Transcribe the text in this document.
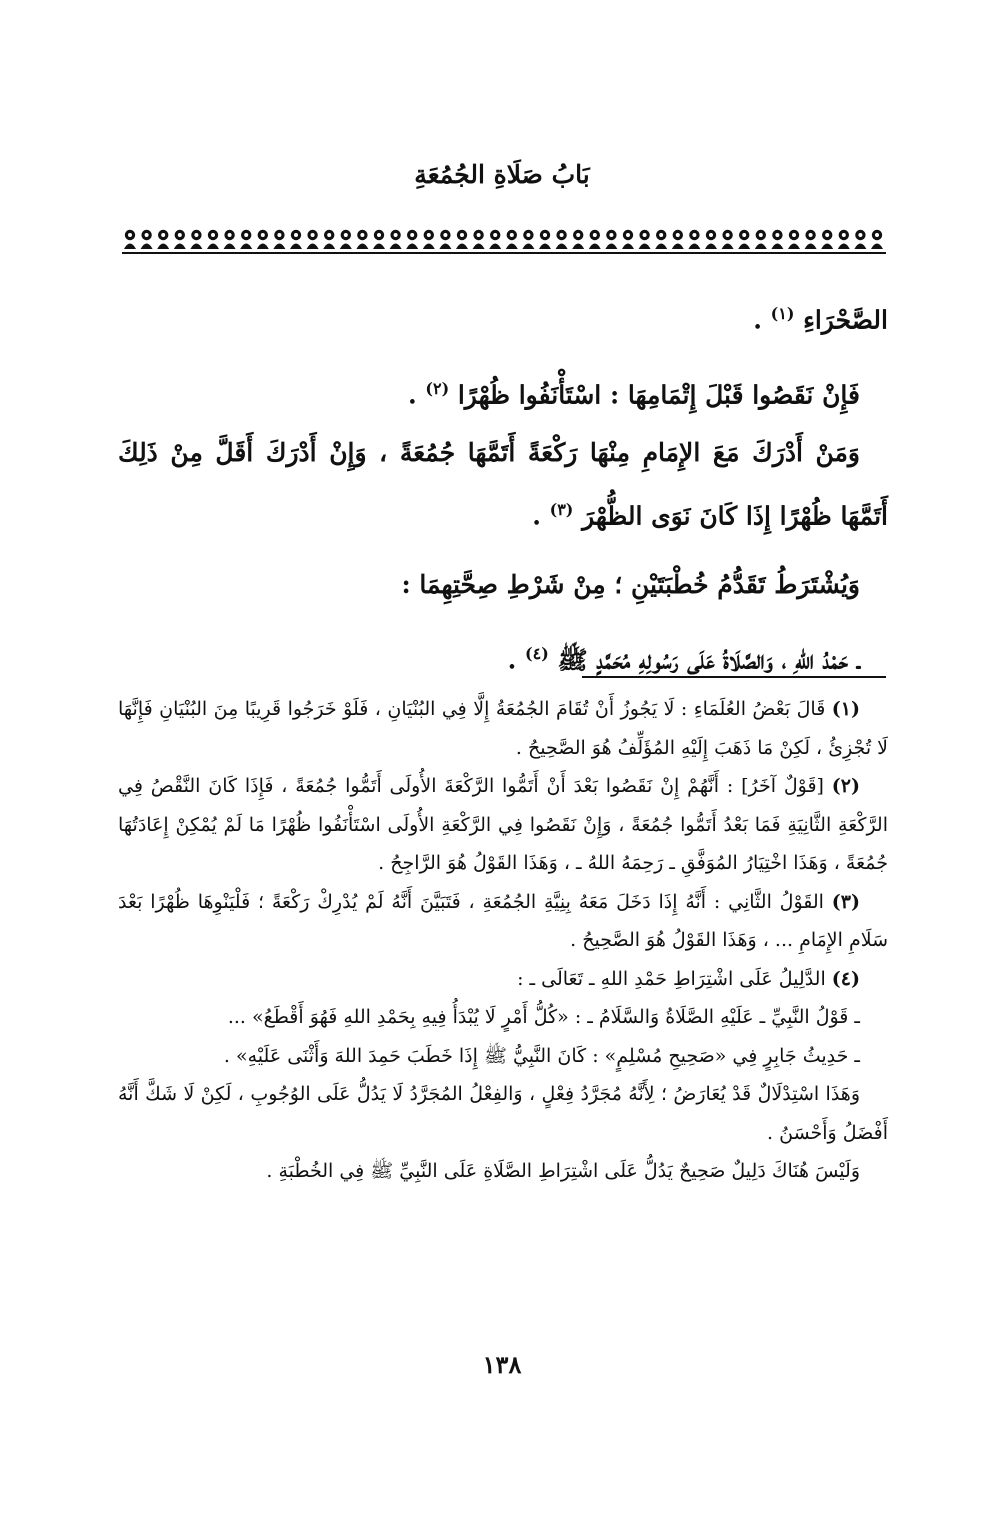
بَابُ صَلَاةِ الجُمُعَةِ

الصَّحْرَاءِ $^{(١)}$ .

فَإِنْ نَقَصُوا قَبْلَ إِتْمَامِهَا : اسْتَأْنَفُوا ظُهْرًا $^{(٢)}$ .

وَمَنْ أَدْرَكَ مَعَ الإِمَامِ مِنْهَا رَكْعَةً أَتَمَّهَا جُمُعَةً ، وَإِنْ أَدْرَكَ أَقَلَّ مِنْ ذَلِكَ أَتَمَّهَا ظُهْرًا إِذَا كَانَ نَوَى الظُّهْرَ $^{(٣)}$ .

وَيُشْتَرَطُ تَقَدُّمُ خُطْبَتَيْنِ ؛ مِنْ شَرْطِ صِحَّتِهِمَا :

ـ حَمْدُ اللهِ ، وَالصَّلَاةُ عَلَى رَسُولِهِ مُحَمَّدٍ ﷺ $^{(٤)}$ .

(١) قَالَ بَعْضُ العُلَمَاءِ : لَا يَجُوزُ أَنْ تُقَامَ الجُمُعَةُ إِلَّا فِي البُنْيَانِ ، فَلَوْ خَرَجُوا قَرِيبًا مِنَ البُنْيَانِ فَإِنَّهَا لَا تُجْزِئُ ، لَكِنْ مَا ذَهَبَ إِلَيْهِ المُؤَلِّفُ هُوَ الصَّحِيحُ .

(٢) [قَوْلٌ آخَرُ] : أَنَّهُمْ إِنْ نَقَصُوا بَعْدَ أَنْ أَتَمُّوا الرَّكْعَةَ الأُولَى أَتَمُّوا جُمُعَةً ، فَإِذَا كَانَ النَّقْصُ فِي الرَّكْعَةِ الثَّانِيَةِ فَمَا بَعْدُ أَتَمُّوا جُمُعَةً ، وَإِنْ نَقَصُوا فِي الرَّكْعَةِ الأُولَى اسْتَأْنَفُوا ظُهْرًا مَا لَمْ يُمْكِنْ إِعَادَتُهَا جُمُعَةً ، وَهَذَا اخْتِيَارُ المُوَفَّقِ ـ رَحِمَهُ اللهُ ـ ، وَهَذَا القَوْلُ هُوَ الرَّاجِحُ .

(٣) القَوْلُ الثَّانِي : أَنَّهُ إِذَا دَخَلَ مَعَهُ بِنِيَّةِ الجُمُعَةِ ، فَتَبَيَّنَ أَنَّهُ لَمْ يُدْرِكْ رَكْعَةً ؛ فَلْيَنْوِهَا ظُهْرًا بَعْدَ سَلَامِ الإِمَامِ ... ، وَهَذَا القَوْلُ هُوَ الصَّحِيحُ .

(٤) الدَّلِيلُ عَلَى اشْتِرَاطِ حَمْدِ اللهِ ـ تَعَالَى ـ :

ـ قَوْلُ النَّبِيِّ ـ عَلَيْهِ الصَّلَاةُ وَالسَّلَامُ ـ : «كُلُّ أَمْرٍ لَا يُبْدَأُ فِيهِ بِحَمْدِ اللهِ فَهُوَ أَقْطَعُ» ...

ـ حَدِيثُ جَابِرٍ فِي «صَحِيحِ مُسْلِمٍ» : كَانَ النَّبِيُّ ﷺ إِذَا خَطَبَ حَمِدَ اللهَ وَأَثْنَى عَلَيْهِ» .

وَهَذَا اسْتِدْلَالٌ قَدْ يُعَارَضُ ؛ لِأَنَّهُ مُجَرَّدُ فِعْلٍ ، وَالفِعْلُ المُجَرَّدُ لَا يَدُلُّ عَلَى الوُجُوبِ ، لَكِنْ لَا شَكَّ أَنَّهُ أَفْضَلُ وَأَحْسَنُ .

وَلَيْسَ هُنَاكَ دَلِيلٌ صَحِيحٌ يَدُلُّ عَلَى اشْتِرَاطِ الصَّلَاةِ عَلَى النَّبِيِّ ﷺ فِي الخُطْبَةِ .

١٣٨
